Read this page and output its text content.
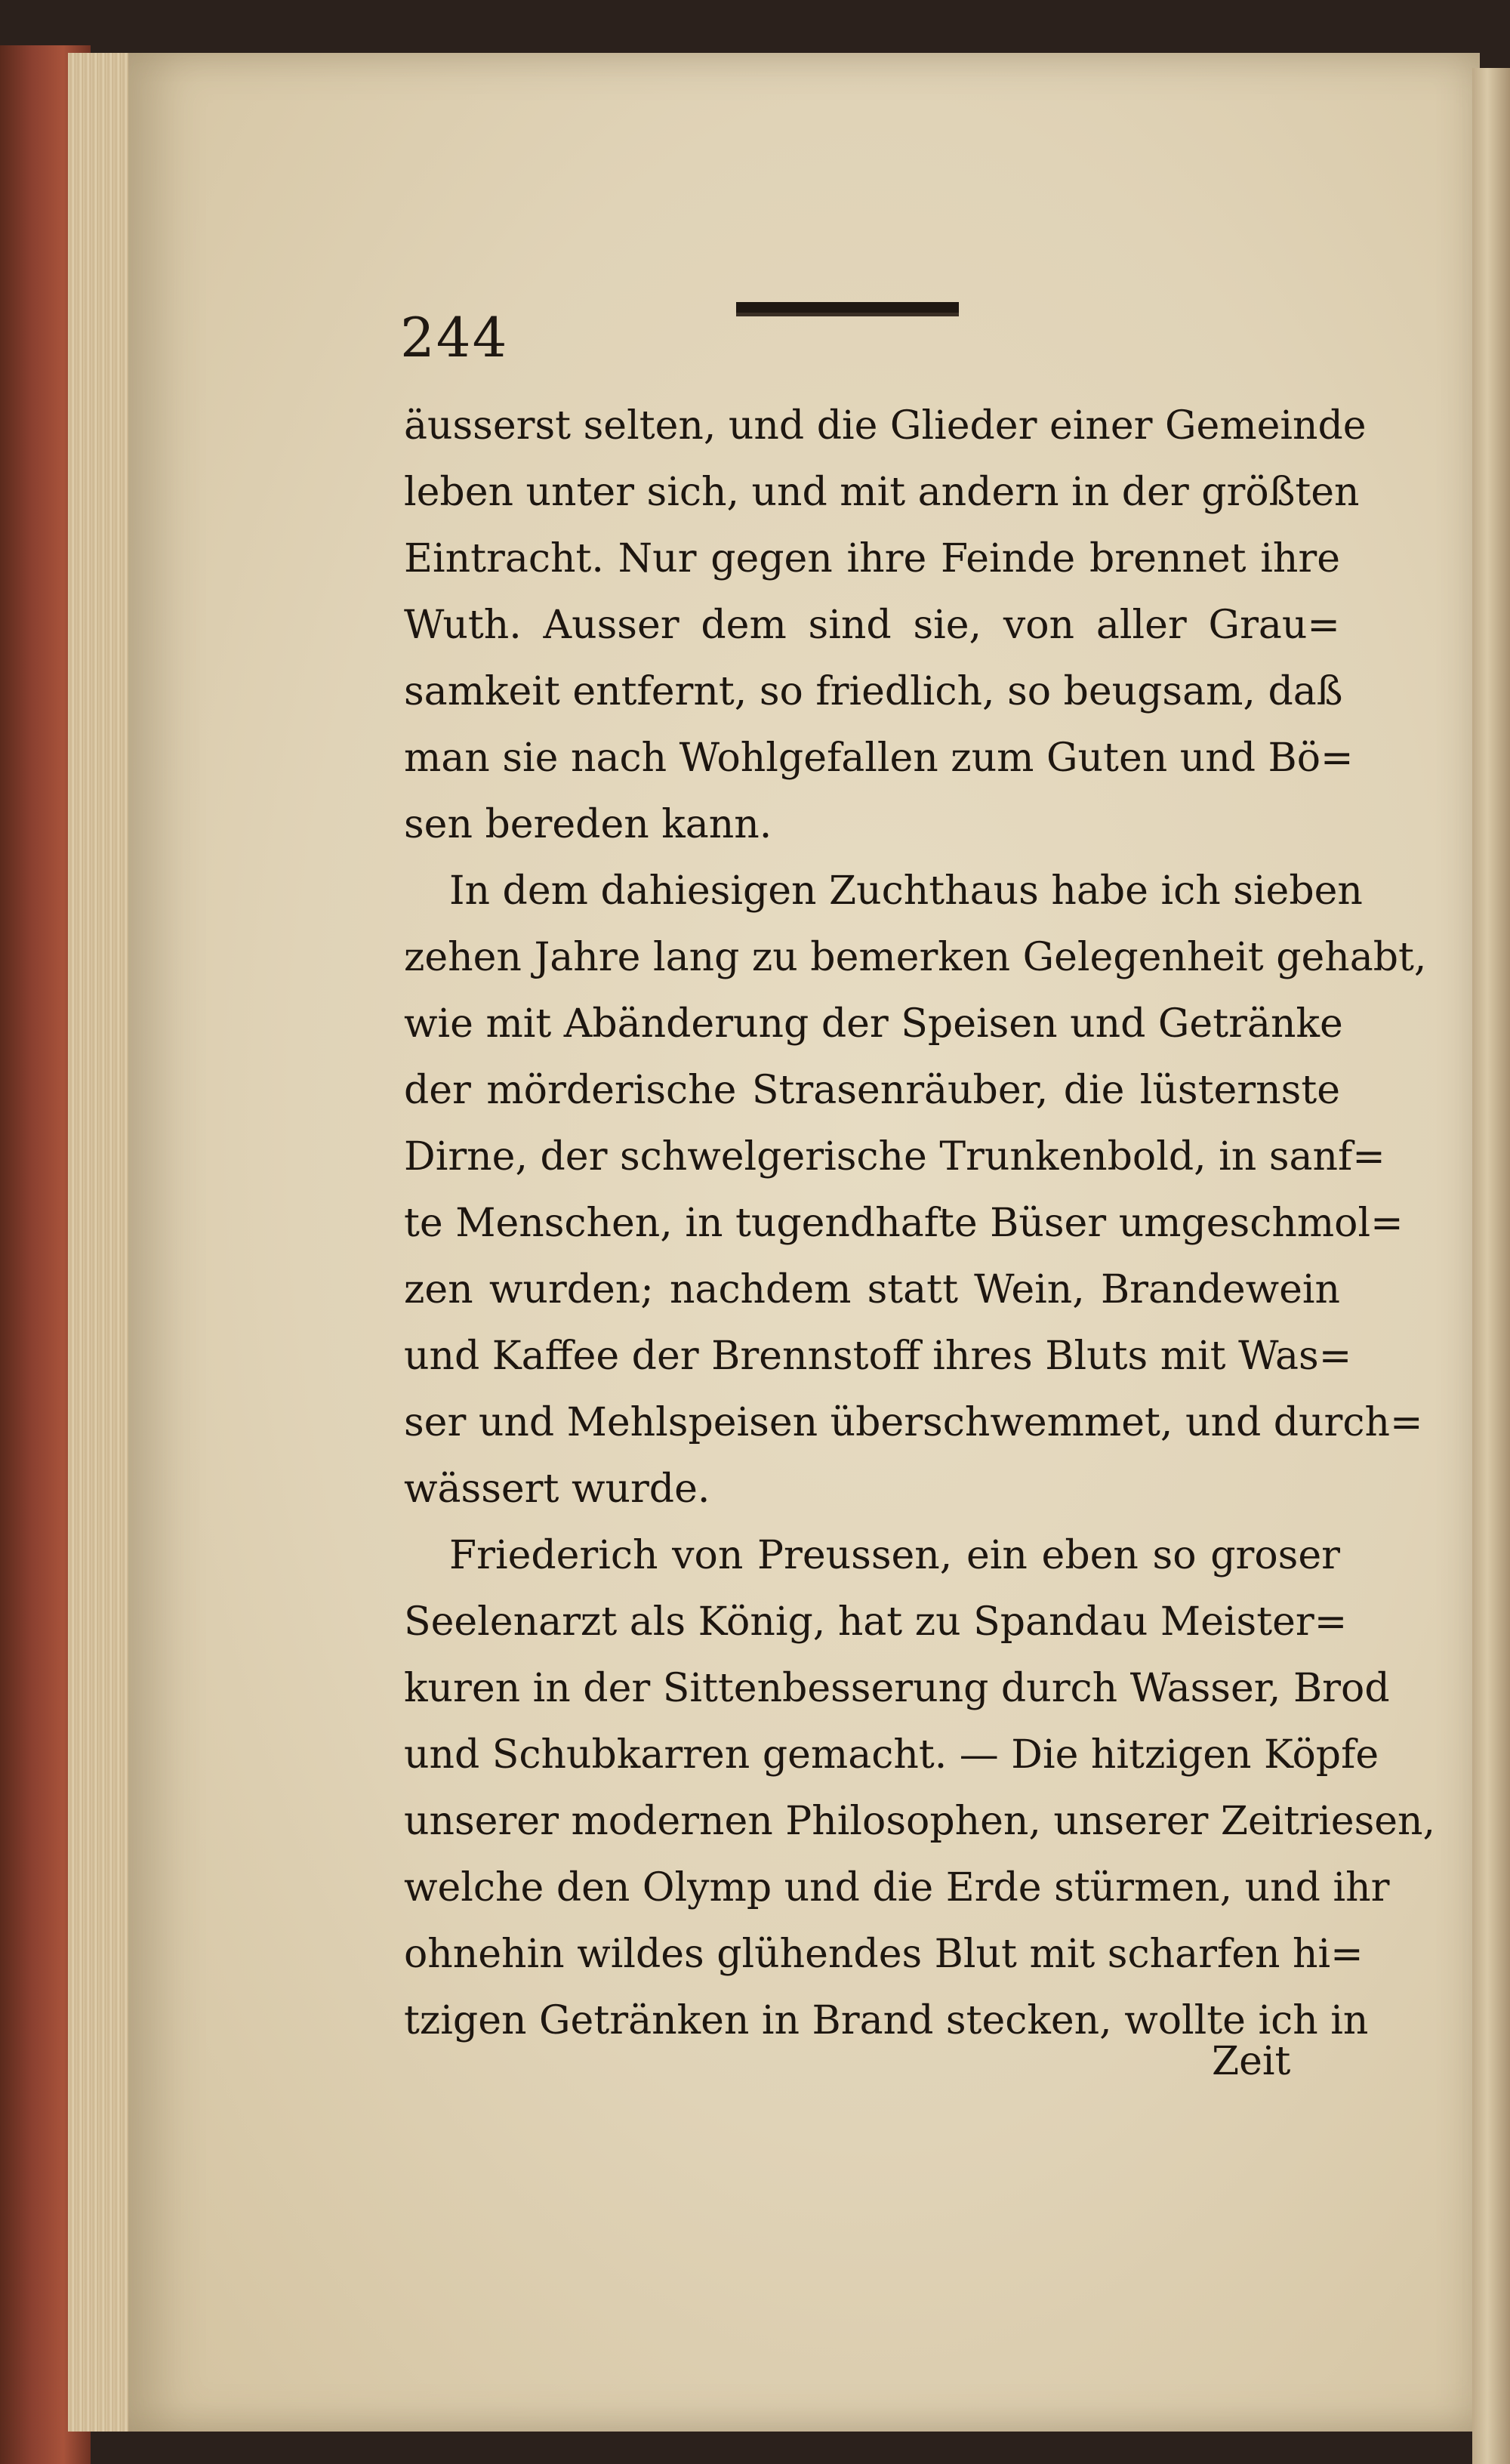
244
äusserst selten, und die Glieder einer Gemeinde
leben unter sich, und mit andern in der größten
Eintracht. Nur gegen ihre Feinde brennet ihre
Wuth. Ausser dem sind sie, von aller Grau=
samkeit entfernt, so friedlich, so beugsam, daß
man sie nach Wohlgefallen zum Guten und Bö=
sen bereden kann.
In dem dahiesigen Zuchthaus habe ich sieben
zehen Jahre lang zu bemerken Gelegenheit gehabt,
wie mit Abänderung der Speisen und Getränke
der mörderische Strasenräuber, die lüsternste
Dirne, der schwelgerische Trunkenbold, in sanf=
te Menschen, in tugendhafte Büser umgeschmol=
zen wurden; nachdem statt Wein, Brandewein
und Kaffee der Brennstoff ihres Bluts mit Was=
ser und Mehlspeisen überschwemmet, und durch=
wässert wurde.
Friederich von Preussen, ein eben so groser
Seelenarzt als König, hat zu Spandau Meister=
kuren in der Sittenbesserung durch Wasser, Brod
und Schubkarren gemacht. — Die hitzigen Köpfe
unserer modernen Philosophen, unserer Zeitriesen,
welche den Olymp und die Erde stürmen, und ihr
ohnehin wildes glühendes Blut mit scharfen hi=
tzigen Getränken in Brand stecken, wollte ich in
Zeit
